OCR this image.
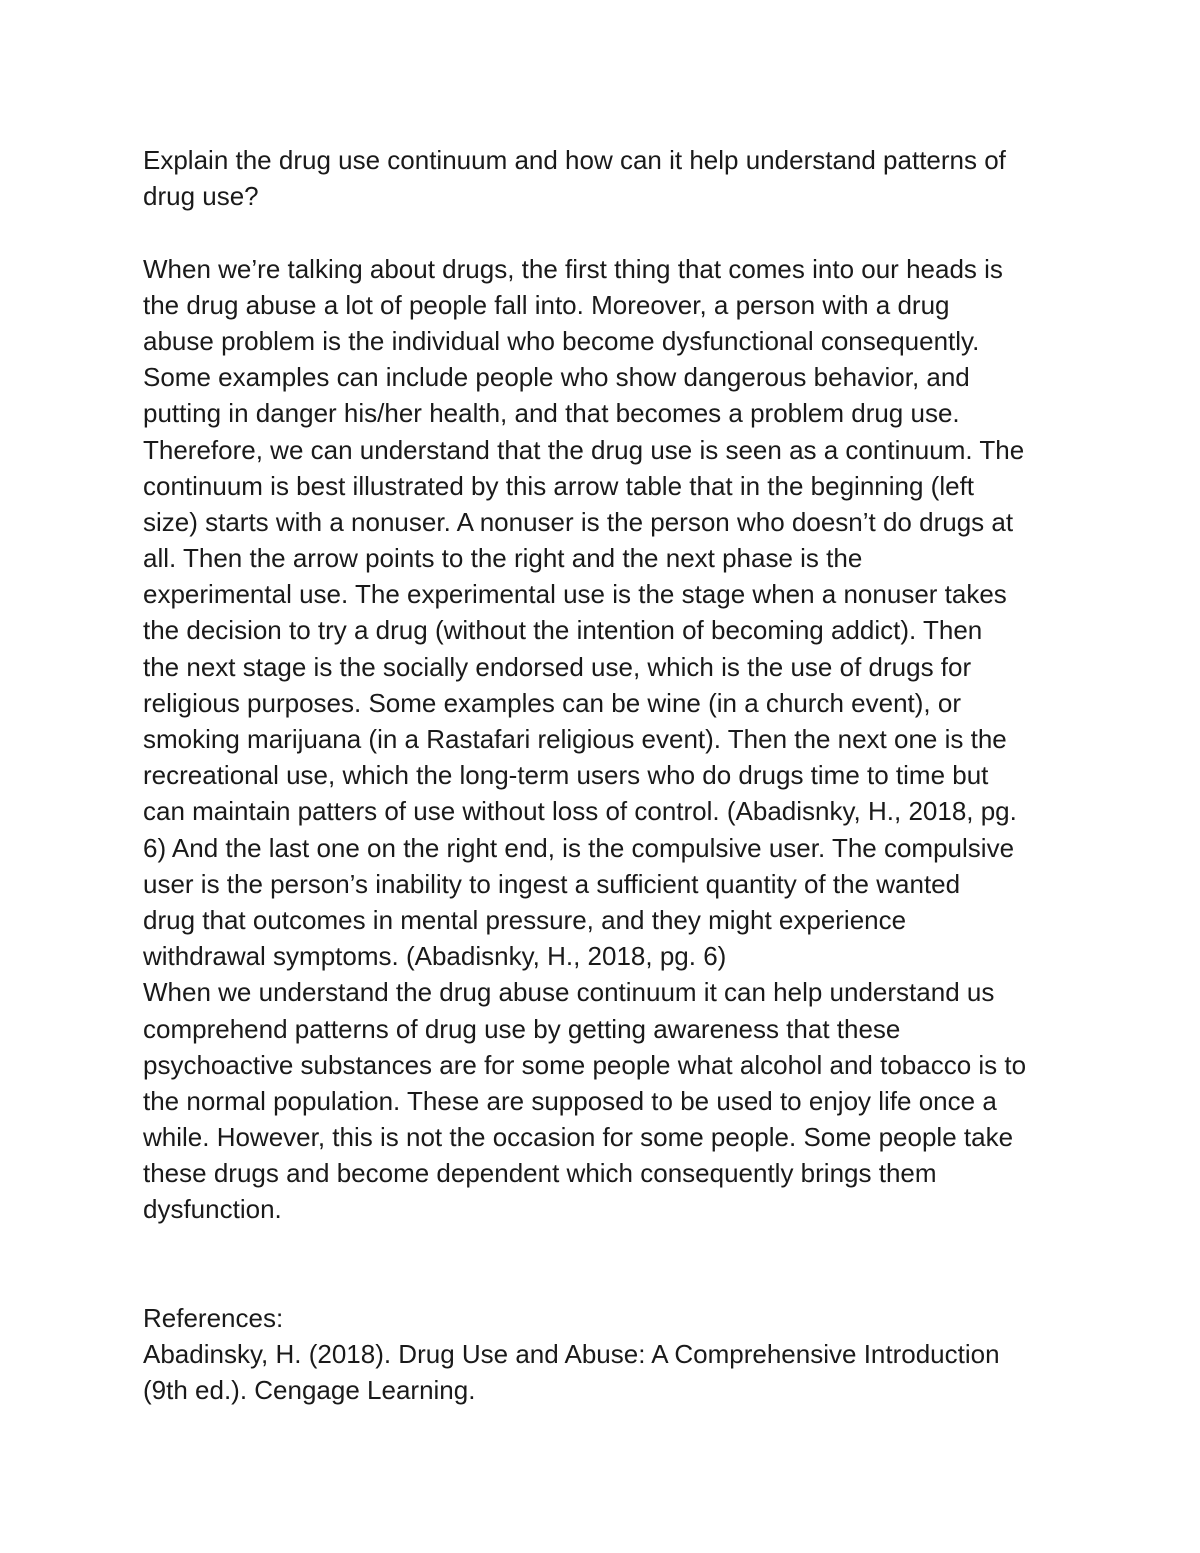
Explain the drug use continuum and how can it help understand patterns of
drug use?
When we’re talking about drugs, the first thing that comes into our heads is
the drug abuse a lot of people fall into. Moreover, a person with a drug
abuse problem is the individual who become dysfunctional consequently.
Some examples can include people who show dangerous behavior, and
putting in danger his/her health, and that becomes a problem drug use.
Therefore, we can understand that the drug use is seen as a continuum. The
continuum is best illustrated by this arrow table that in the beginning (left
size) starts with a nonuser. A nonuser is the person who doesn’t do drugs at
all. Then the arrow points to the right and the next phase is the
experimental use. The experimental use is the stage when a nonuser takes
the decision to try a drug (without the intention of becoming addict). Then
the next stage is the socially endorsed use, which is the use of drugs for
religious purposes. Some examples can be wine (in a church event), or
smoking marijuana (in a Rastafari religious event). Then the next one is the
recreational use, which the long-term users who do drugs time to time but
can maintain patters of use without loss of control. (Abadisnky, H., 2018, pg.
6) And the last one on the right end, is the compulsive user. The compulsive
user is the person’s inability to ingest a sufficient quantity of the wanted
drug that outcomes in mental pressure, and they might experience
withdrawal symptoms. (Abadisnky, H., 2018, pg. 6)
When we understand the drug abuse continuum it can help understand us
comprehend patterns of drug use by getting awareness that these
psychoactive substances are for some people what alcohol and tobacco is to
the normal population. These are supposed to be used to enjoy life once a
while. However, this is not the occasion for some people. Some people take
these drugs and become dependent which consequently brings them
dysfunction.
References:
Abadinsky, H. (2018). Drug Use and Abuse: A Comprehensive Introduction
(9th ed.). Cengage Learning.
